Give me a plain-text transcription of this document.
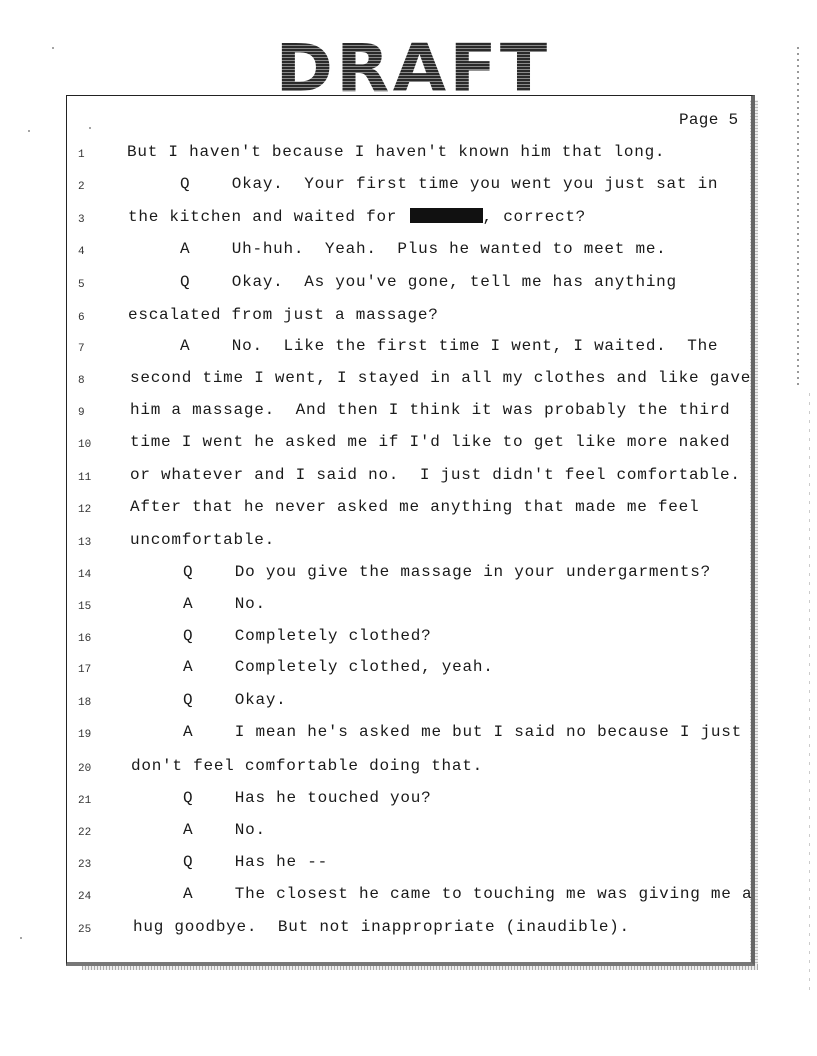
DRAFT
Page 5
1	But I haven't because I haven't known him that long.
2	Q    Okay.  Your first time you went you just sat in
3	the kitchen and waited for	, correct?
4	A    Uh-huh.  Yeah.  Plus he wanted to meet me.
5	Q    Okay.  As you've gone, tell me has anything
6	escalated from just a massage?
7	A    No.  Like the first time I went, I waited.  The
8	second time I went, I stayed in all my clothes and like gave
9	him a massage.  And then I think it was probably the third
10	time I went he asked me if I'd like to get like more naked
11	or whatever and I said no.  I just didn't feel comfortable.
12	After that he never asked me anything that made me feel
13	uncomfortable.
14	Q    Do you give the massage in your undergarments?
15	A    No.
16	Q    Completely clothed?
17	A    Completely clothed, yeah.
18	Q    Okay.
19	A    I mean he's asked me but I said no because I just
20	don't feel comfortable doing that.
21	Q    Has he touched you?
22	A    No.
23	Q    Has he --
24	A    The closest he came to touching me was giving me a
25	hug goodbye.  But not inappropriate (inaudible).
